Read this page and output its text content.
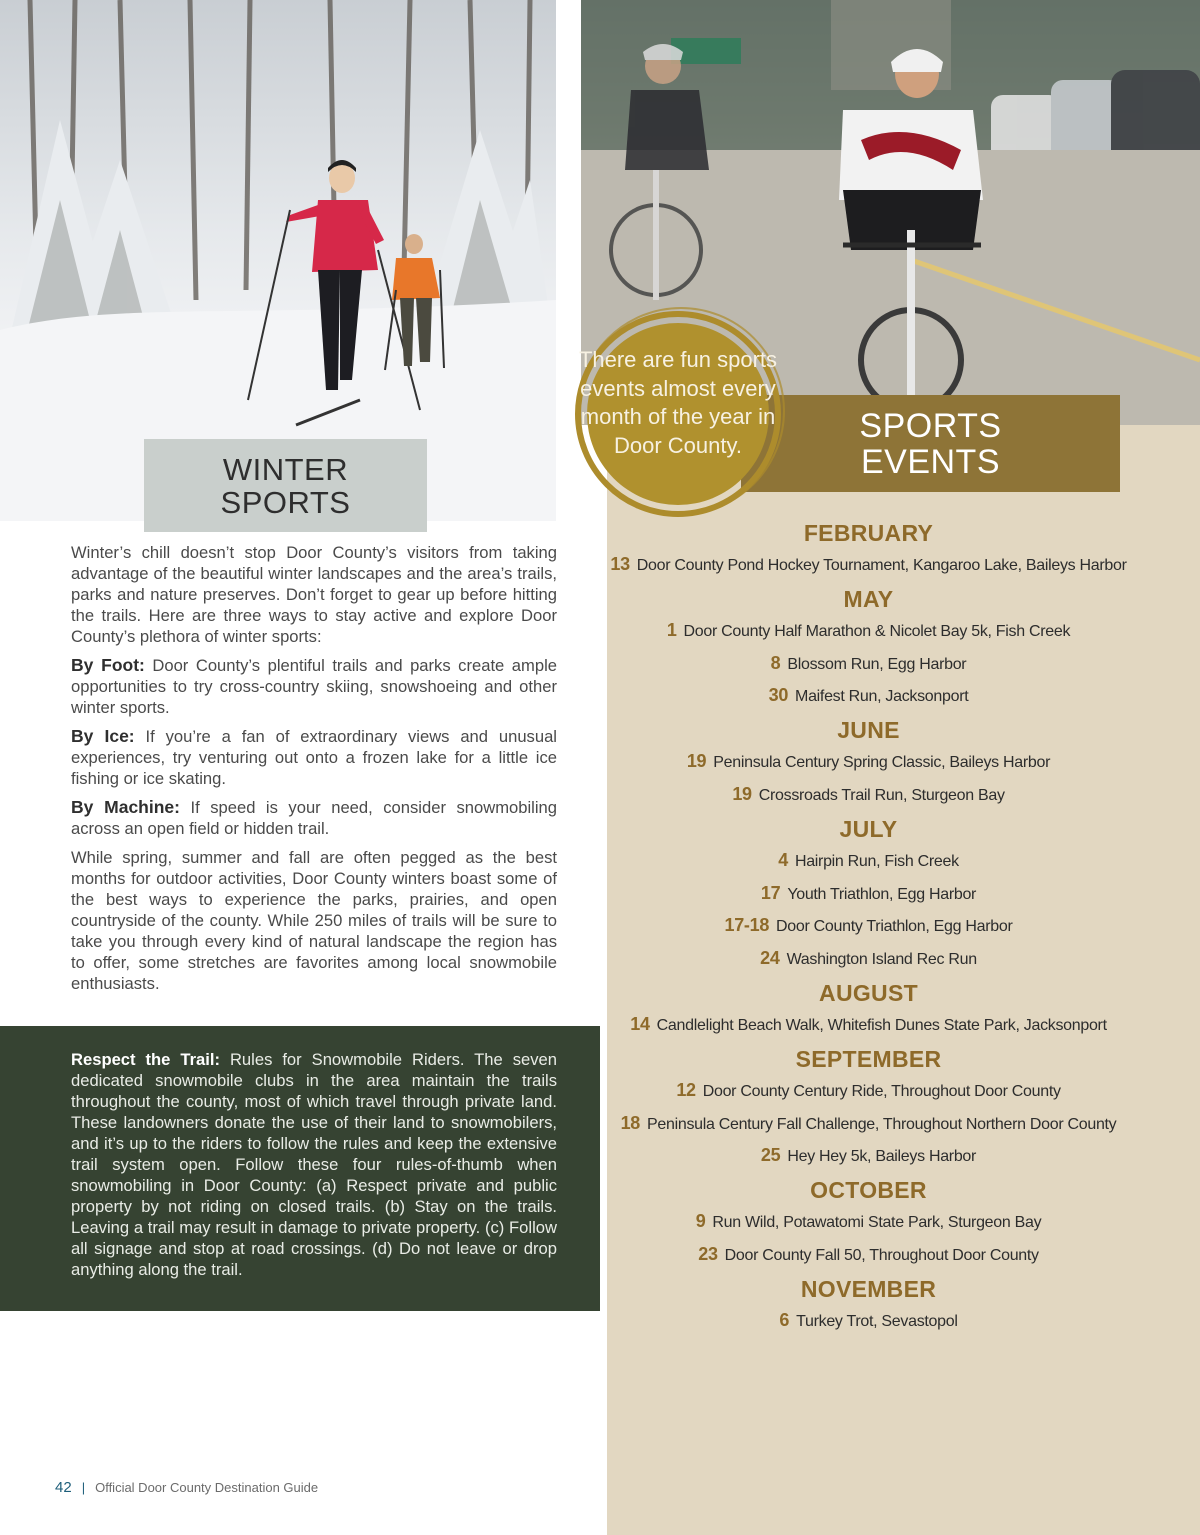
WINTER
SPORTS

Winter’s chill doesn’t stop Door County’s visitors from taking advantage of the beautiful winter landscapes and the area’s trails, parks and nature preserves. Don’t forget to gear up before hitting the trails. Here are three ways to stay active and explore Door County’s plethora of winter sports:

By Foot: Door County’s plentiful trails and parks create ample opportunities to try cross-country skiing, snowshoeing and other winter sports.

By Ice: If you’re a fan of extraordinary views and unusual experiences, try venturing out onto a frozen lake for a little ice fishing or ice skating.

By Machine: If speed is your need, consider snowmobiling across an open field or hidden trail.

While spring, summer and fall are often pegged as the best months for outdoor activities, Door County winters boast some of the best ways to experience the parks, prairies, and open countryside of the county. While 250 miles of trails will be sure to take you through every kind of natural landscape the region has to offer, some stretches are favorites among local snowmobile enthusiasts.

Respect the Trail: Rules for Snowmobile Riders. The seven dedicated snowmobile clubs in the area maintain the trails throughout the county, most of which travel through private land. These landowners donate the use of their land to snowmobilers, and it’s up to the riders to follow the rules and keep the extensive trail system open. Follow these four rules-of-thumb when snowmobiling in Door County: (a) Respect private and public property by not riding on closed trails. (b) Stay on the trails. Leaving a trail may result in damage to private property. (c) Follow all signage and stop at road crossings. (d) Do not leave or drop anything along the trail.
SPORTS
EVENTS
There are fun sports events almost every month of the year in Door County.
FEBRUARY
13 Door County Pond Hockey Tournament, Kangaroo Lake, Baileys Harbor
MAY
1 Door County Half Marathon & Nicolet Bay 5k, Fish Creek
8 Blossom Run, Egg Harbor
30 Maifest Run, Jacksonport
JUNE
19 Peninsula Century Spring Classic, Baileys Harbor
19 Crossroads Trail Run, Sturgeon Bay
JULY
4 Hairpin Run, Fish Creek
17 Youth Triathlon, Egg Harbor
17-18 Door County Triathlon, Egg Harbor
24 Washington Island Rec Run
AUGUST
14 Candlelight Beach Walk, Whitefish Dunes State Park, Jacksonport
SEPTEMBER
12 Door County Century Ride, Throughout Door County
18 Peninsula Century Fall Challenge, Throughout Northern Door County
25 Hey Hey 5k, Baileys Harbor
OCTOBER
9 Run Wild, Potawatomi State Park, Sturgeon Bay
23 Door County Fall 50, Throughout Door County
NOVEMBER
6 Turkey Trot, Sevastopol
42 | Official Door County Destination Guide
